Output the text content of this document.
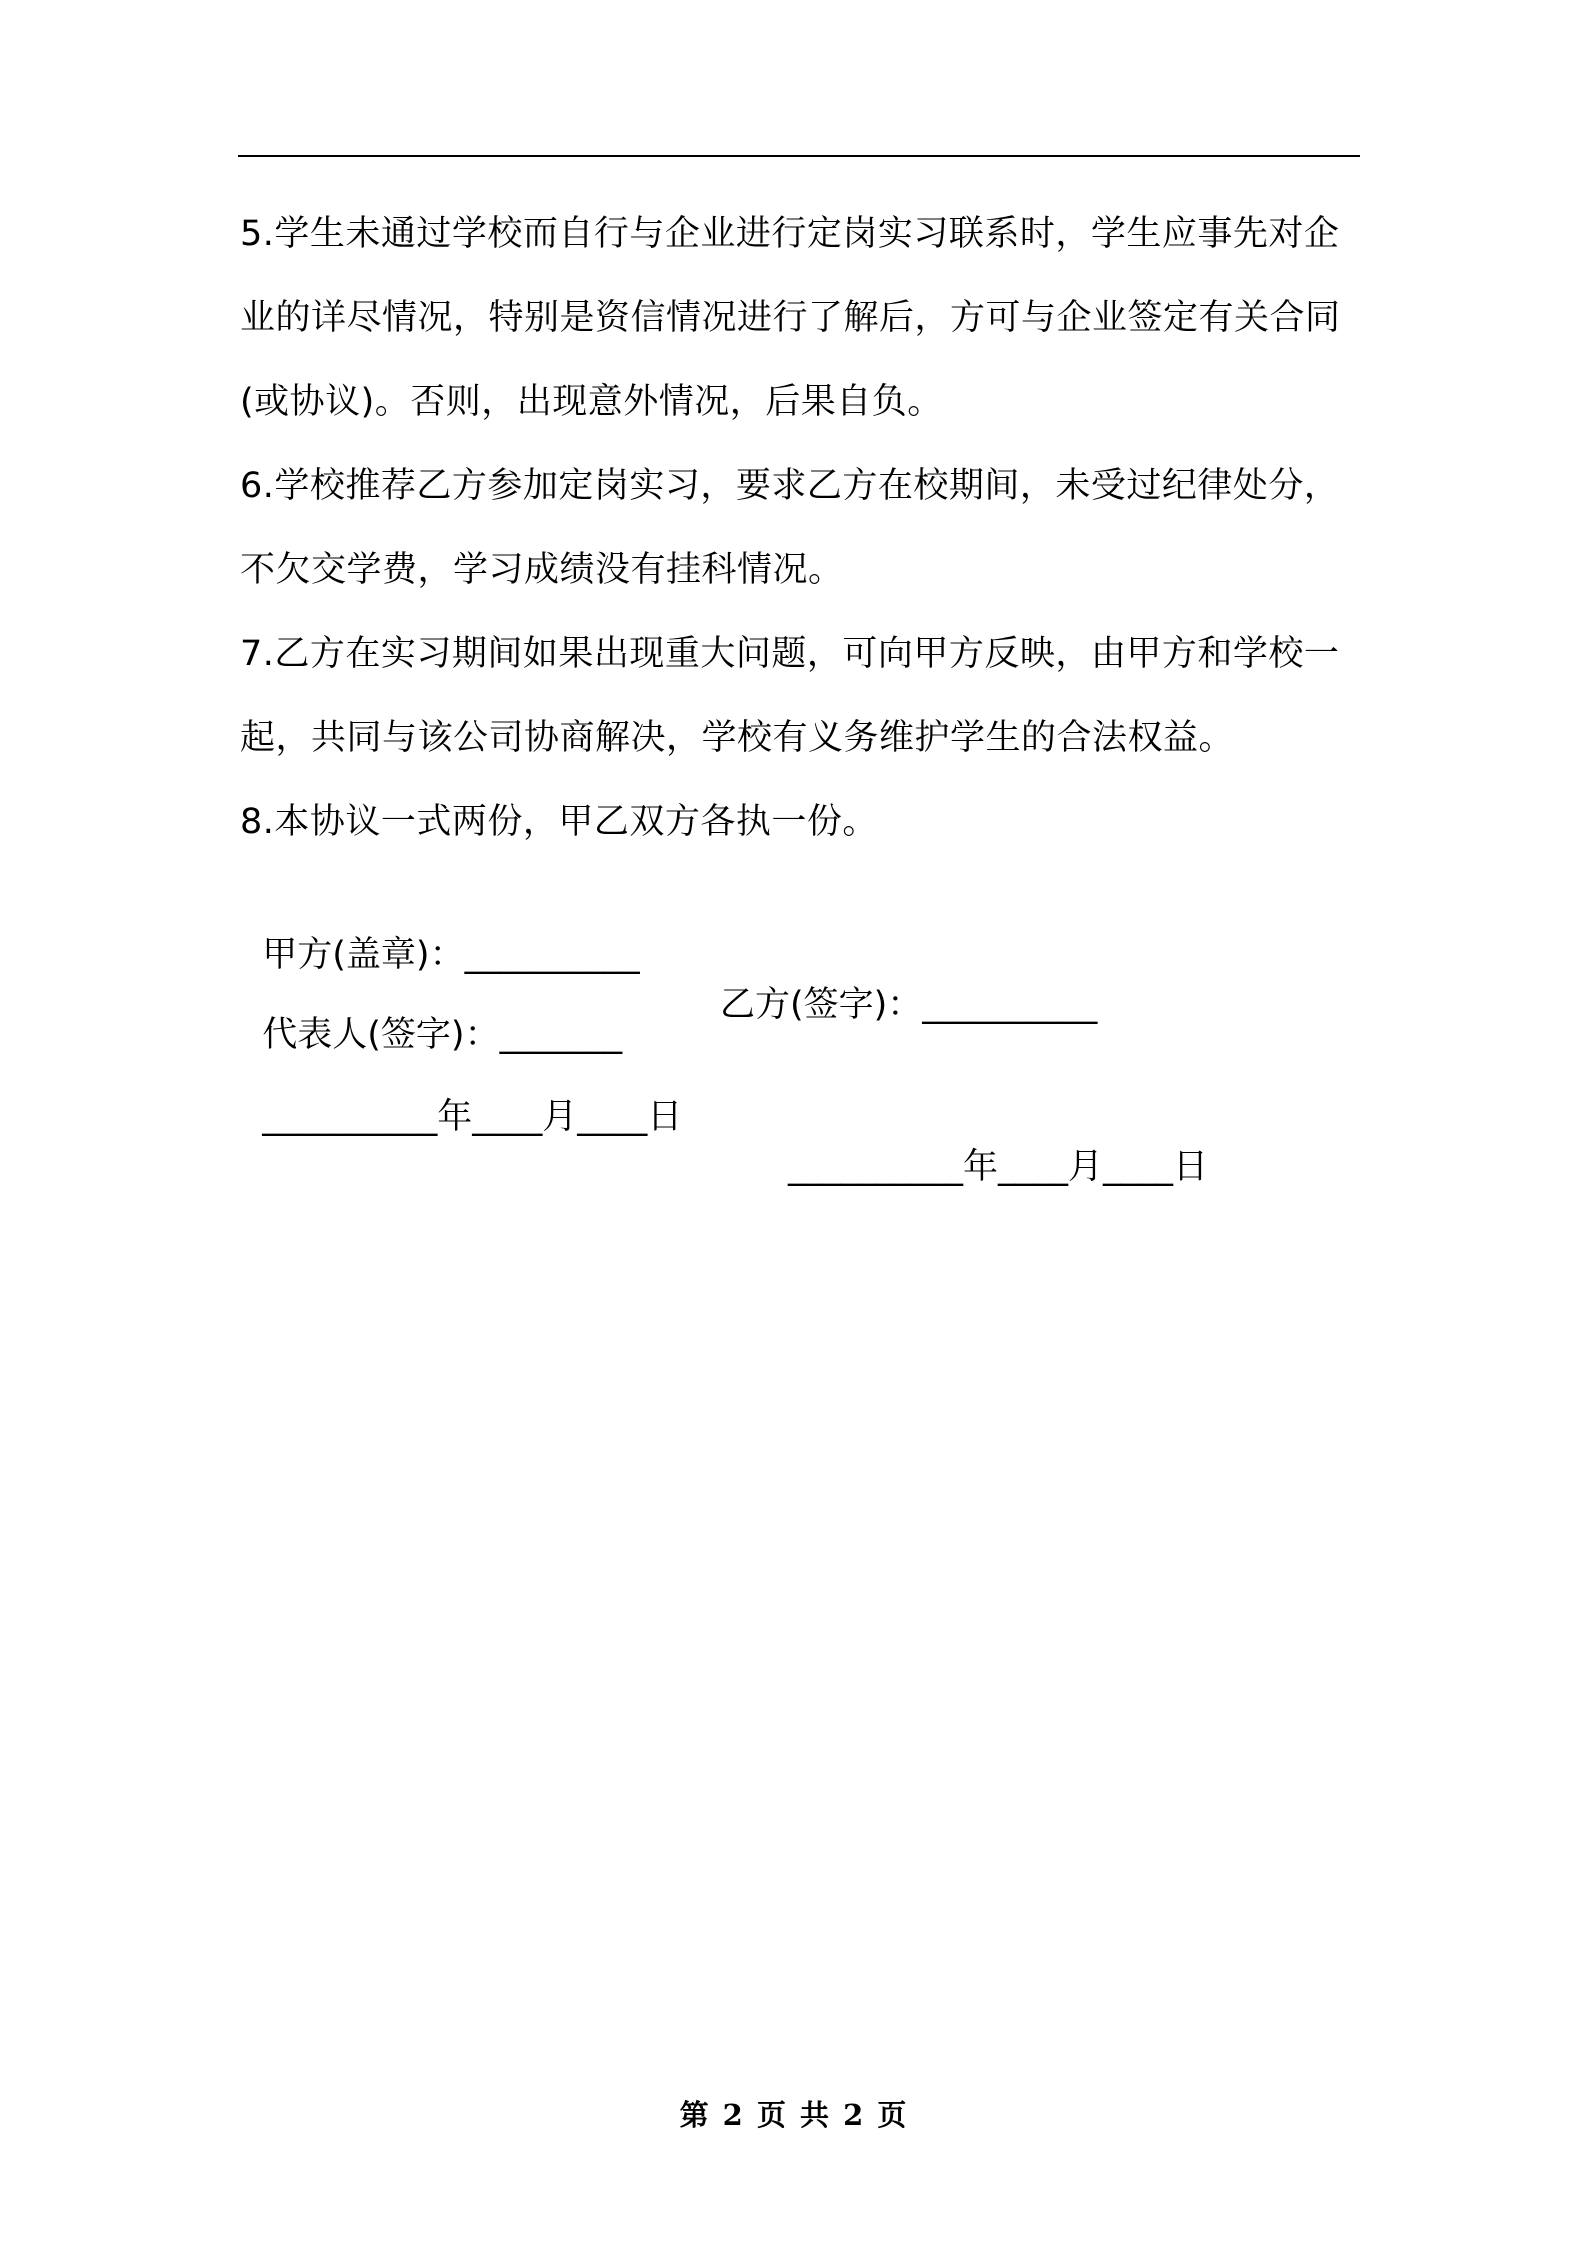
5.学生未通过学校而自行与企业进行定岗实习联系时，学生应事先对企业的详尽情况，特别是资信情况进行了解后，方可与企业签定有关合同(或协议)。否则，出现意外情况，后果自负。

6.学校推荐乙方参加定岗实习，要求乙方在校期间，未受过纪律处分，不欠交学费，学习成绩没有挂科情况。

7.乙方在实习期间如果出现重大问题，可向甲方反映，由甲方和学校一起，共同与该公司协商解决，学校有义务维护学生的合法权益。

8.本协议一式两份，甲乙双方各执一份。

甲方(盖章)：__________

乙方(签字)：__________

代表人(签字)：_______

__________年____月____日

__________年____月____日

第 2 页 共 2 页
